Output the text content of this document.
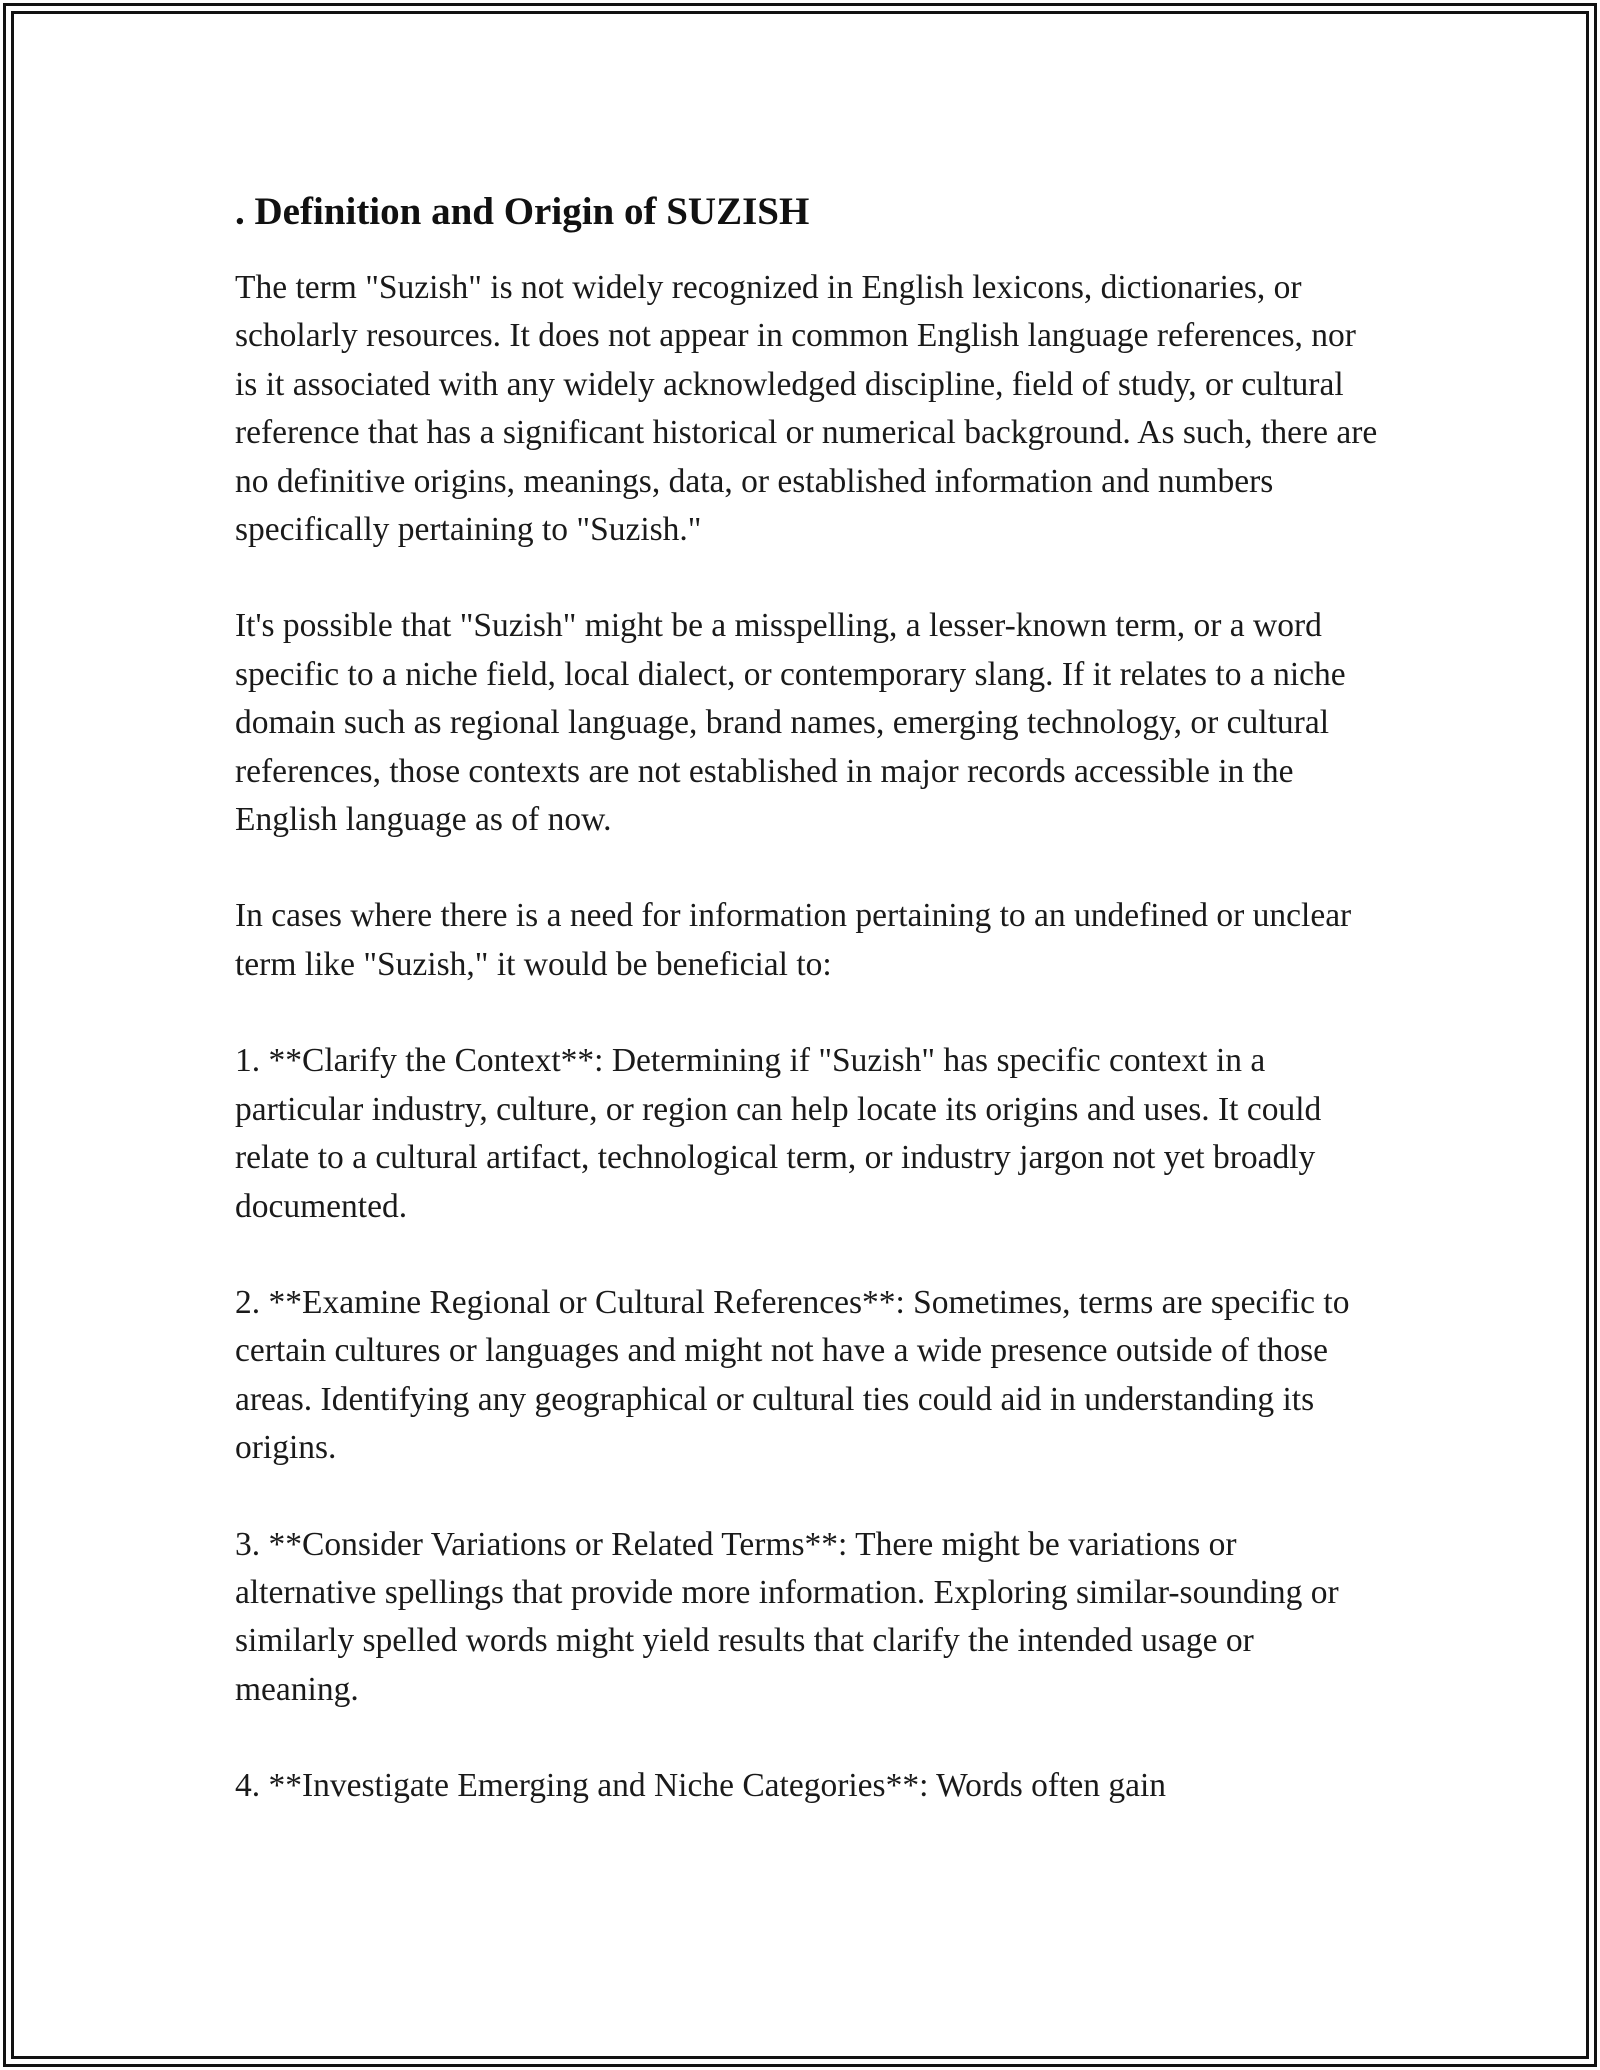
. Definition and Origin of SUZISH

The term "Suzish" is not widely recognized in English lexicons, dictionaries, or scholarly resources. It does not appear in common English language references, nor is it associated with any widely acknowledged discipline, field of study, or cultural reference that has a significant historical or numerical background. As such, there are no definitive origins, meanings, data, or established information and numbers specifically pertaining to "Suzish."

It's possible that "Suzish" might be a misspelling, a lesser-known term, or a word specific to a niche field, local dialect, or contemporary slang. If it relates to a niche domain such as regional language, brand names, emerging technology, or cultural references, those contexts are not established in major records accessible in the English language as of now.

In cases where there is a need for information pertaining to an undefined or unclear term like "Suzish," it would be beneficial to:

1. **Clarify the Context**: Determining if "Suzish" has specific context in a particular industry, culture, or region can help locate its origins and uses. It could relate to a cultural artifact, technological term, or industry jargon not yet broadly documented.

2. **Examine Regional or Cultural References**: Sometimes, terms are specific to certain cultures or languages and might not have a wide presence outside of those areas. Identifying any geographical or cultural ties could aid in understanding its origins.

3. **Consider Variations or Related Terms**: There might be variations or alternative spellings that provide more information. Exploring similar-sounding or similarly spelled words might yield results that clarify the intended usage or meaning.

4. **Investigate Emerging and Niche Categories**: Words often gain
